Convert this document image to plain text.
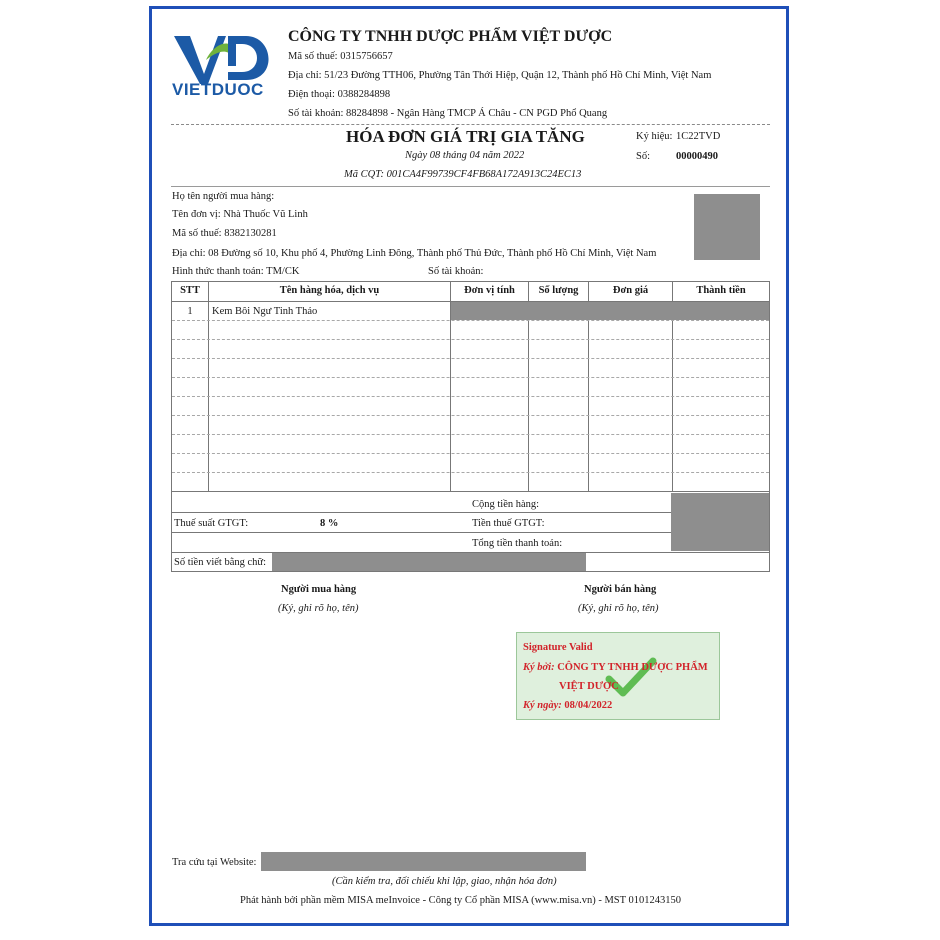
VIETDUOC
CÔNG TY TNHH DƯỢC PHẨM VIỆT DƯỢC
Mã số thuế: 0315756657
Địa chỉ: 51/23 Đường TTH06, Phường Tân Thới Hiệp, Quận 12, Thành phố Hồ Chí Minh, Việt Nam
Điện thoại: 0388284898
Số tài khoản: 88284898 - Ngân Hàng TMCP Á Châu - CN PGD Phổ Quang
HÓA ĐƠN GIÁ TRỊ GIA TĂNG
Ngày 08 tháng 04 năm 2022
Mã CQT: 001CA4F99739CF4FB68A172A913C24EC13
Ký hiệu: 1C22TVD
Số: 00000490
Họ tên người mua hàng:
Tên đơn vị: Nhà Thuốc Vũ Linh
Mã số thuế: 8382130281
Địa chỉ: 08 Đường số 10, Khu phố 4, Phường Linh Đông, Thành phố Thủ Đức, Thành phố Hồ Chí Minh, Việt Nam
Hình thức thanh toán: TM/CK	Số tài khoản:
STT	Tên hàng hóa, dịch vụ	Đơn vị tính	Số lượng	Đơn giá	Thành tiền
1	Kem Bôi Ngư Tinh Thảo
Cộng tiền hàng:
Thuế suất GTGT:	8 %	Tiền thuế GTGT:
Tổng tiền thanh toán:
Số tiền viết bằng chữ:
Người mua hàng
(Ký, ghi rõ họ, tên)
Người bán hàng
(Ký, ghi rõ họ, tên)
Signature Valid
Ký bởi: CÔNG TY TNHH DƯỢC PHẨM
VIỆT DƯỢC
Ký ngày: 08/04/2022
Tra cứu tại Website:
(Cần kiểm tra, đối chiếu khi lập, giao, nhận hóa đơn)
Phát hành bởi phần mềm MISA meInvoice - Công ty Cổ phần MISA (www.misa.vn) - MST 0101243150
